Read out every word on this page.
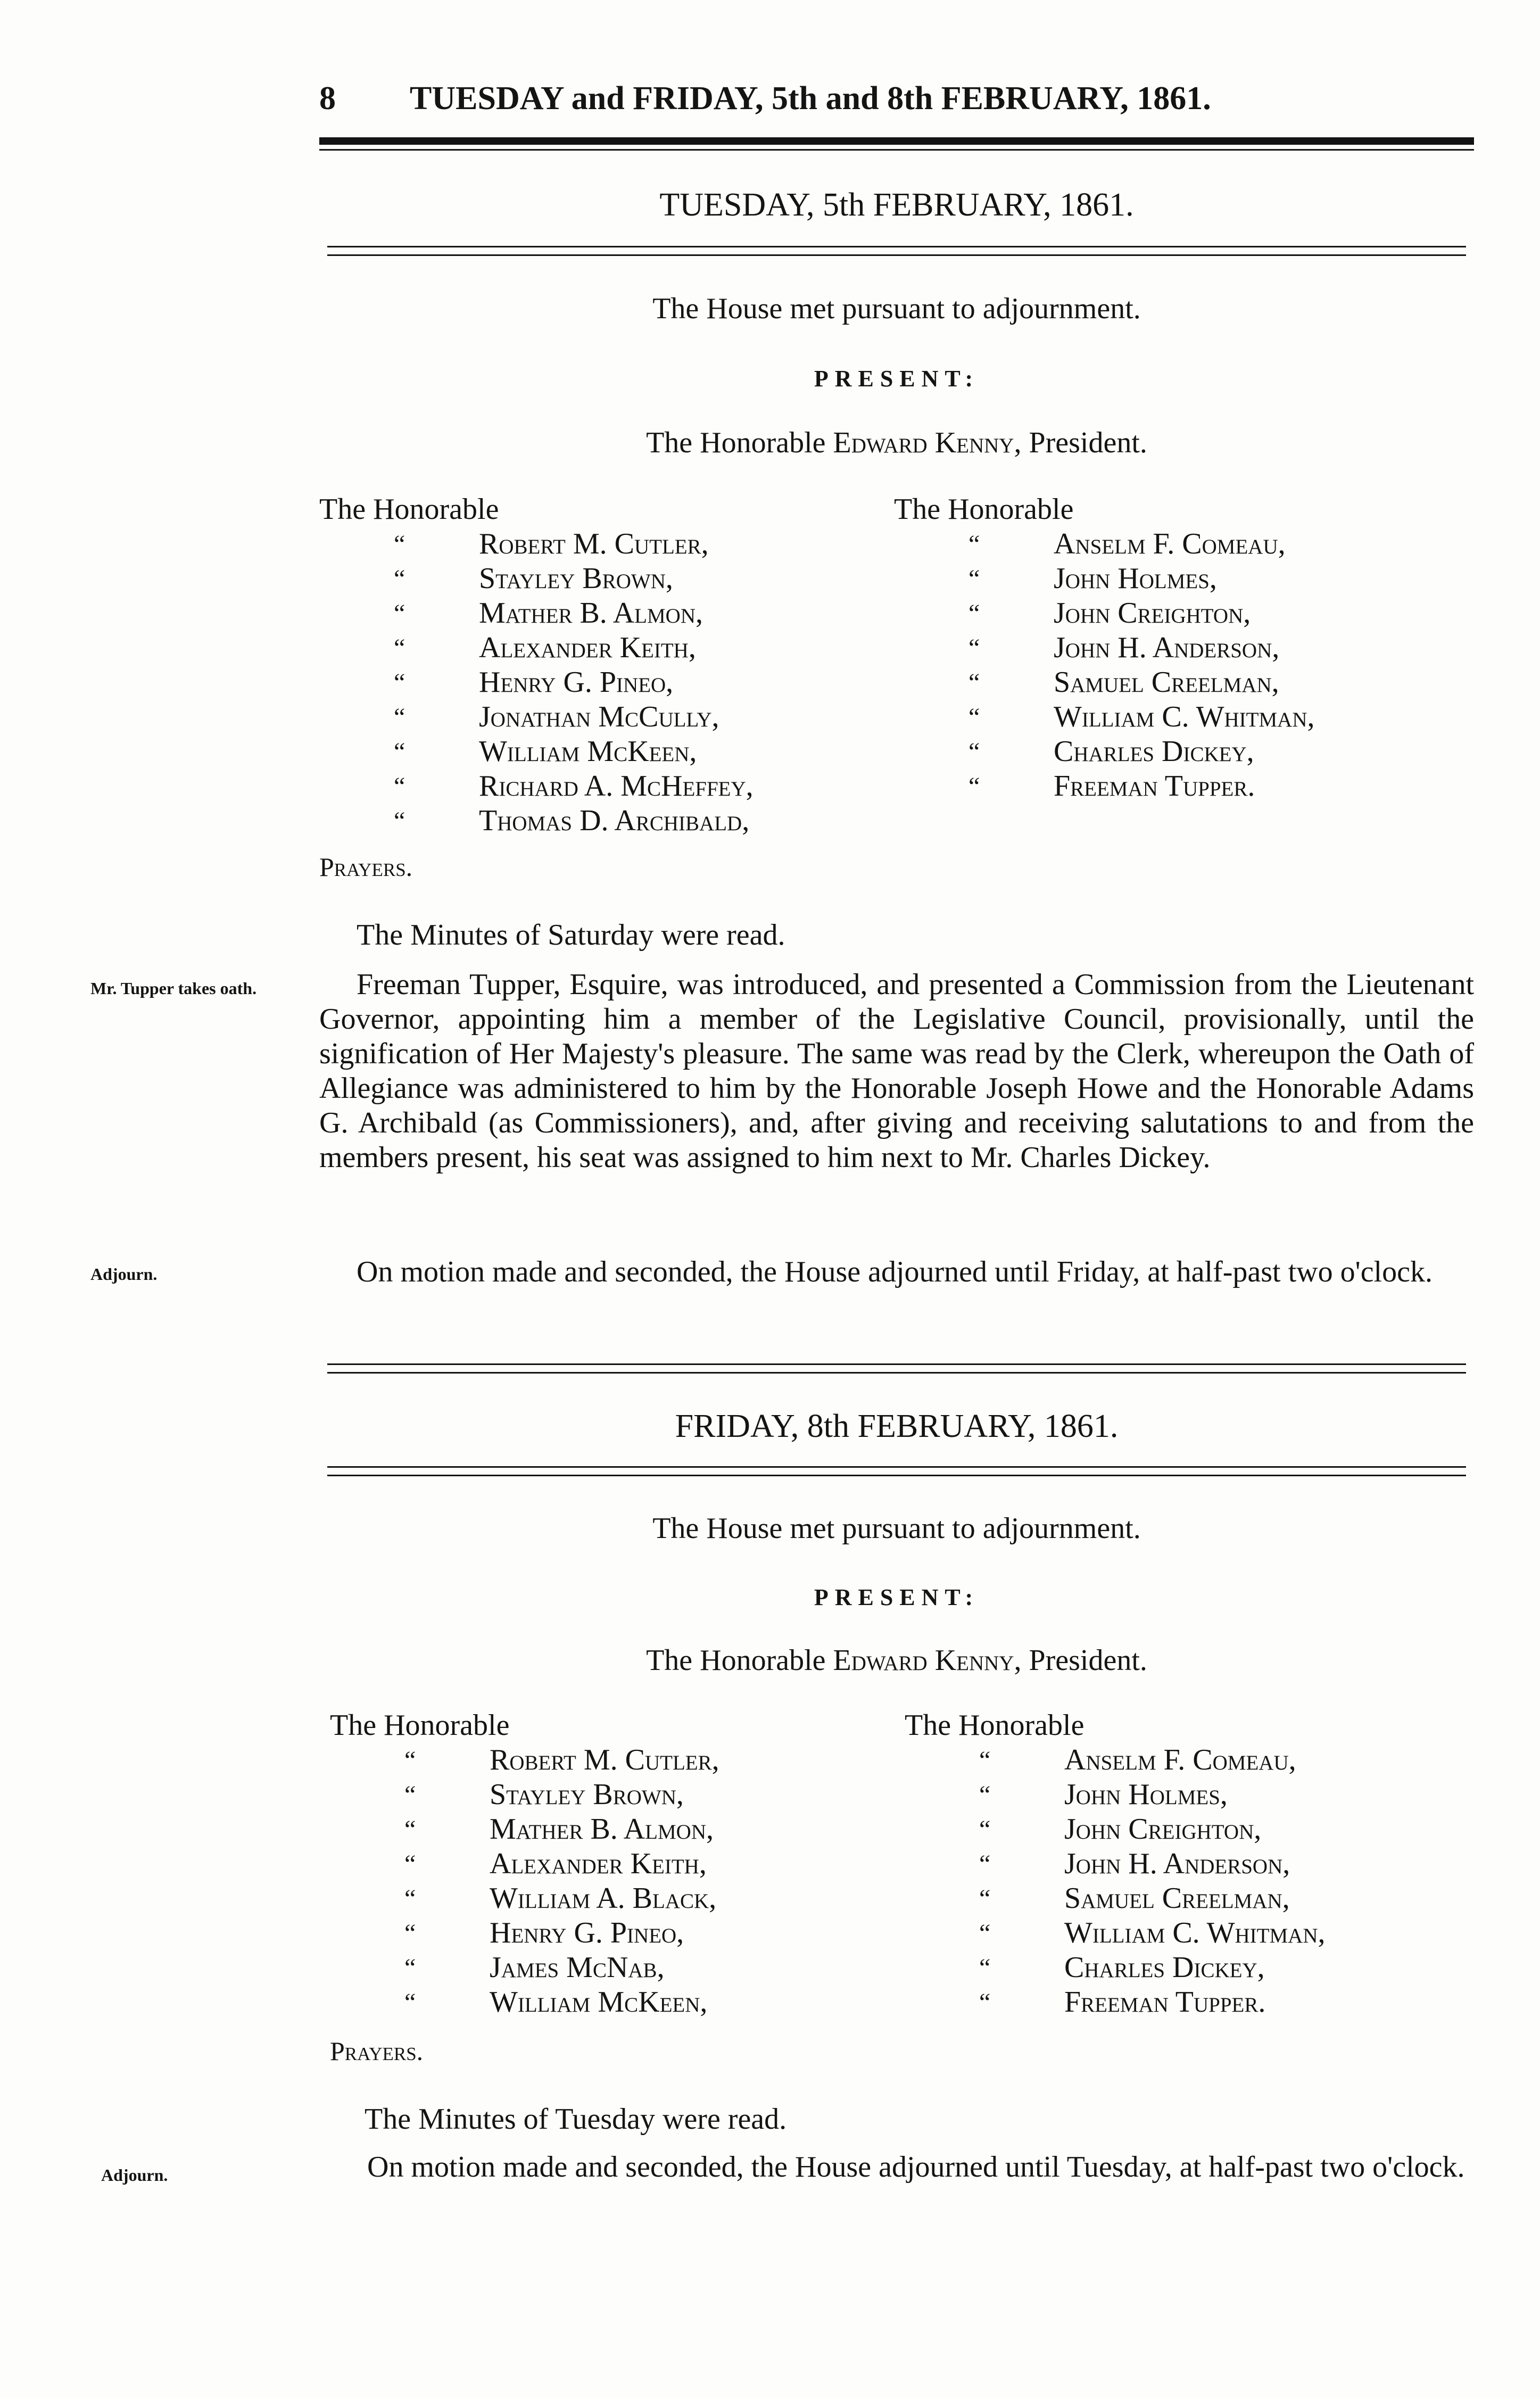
8 TUESDAY and FRIDAY, 5th and 8th FEBRUARY, 1861.
TUESDAY, 5th FEBRUARY, 1861.
The House met pursuant to adjournment.
PRESENT:
The Honorable Edward Kenny, President.
The Honorable
“ Robert M. Cutler,
“ Stayley Brown,
“ Mather B. Almon,
“ Alexander Keith,
“ Henry G. Pineo,
“ Jonathan McCully,
“ William McKeen,
“ Richard A. McHeffey,
“ Thomas D. Archibald,
The Honorable
“ Anselm F. Comeau,
“ John Holmes,
“ John Creighton,
“ John H. Anderson,
“ Samuel Creelman,
“ William C. Whitman,
“ Charles Dickey,
“ Freeman Tupper.
Prayers.
The Minutes of Saturday were read.
Mr. Tupper takes oath.	Freeman Tupper, Esquire, was introduced, and presented a Commission from the Lieutenant Governor, appointing him a member of the Legislative Council, provisionally, until the signification of Her Majesty's pleasure. The same was read by the Clerk, whereupon the Oath of Allegiance was administered to him by the Honorable Joseph Howe and the Honorable Adams G. Archibald (as Commissioners), and, after giving and receiving salutations to and from the members present, his seat was assigned to him next to Mr. Charles Dickey.
Adjourn.	On motion made and seconded, the House adjourned until Friday, at half-past two o'clock.
FRIDAY, 8th FEBRUARY, 1861.
The House met pursuant to adjournment.
PRESENT:
The Honorable Edward Kenny, President.
The Honorable
“ Robert M. Cutler,
“ Stayley Brown,
“ Mather B. Almon,
“ Alexander Keith,
“ William A. Black,
“ Henry G. Pineo,
“ James McNab,
“ William McKeen,
The Honorable
“ Anselm F. Comeau,
“ John Holmes,
“ John Creighton,
“ John H. Anderson,
“ Samuel Creelman,
“ William C. Whitman,
“ Charles Dickey,
“ Freeman Tupper.
Prayers.
The Minutes of Tuesday were read.
Adjourn.	On motion made and seconded, the House adjourned until Tuesday, at half-past two o'clock.
